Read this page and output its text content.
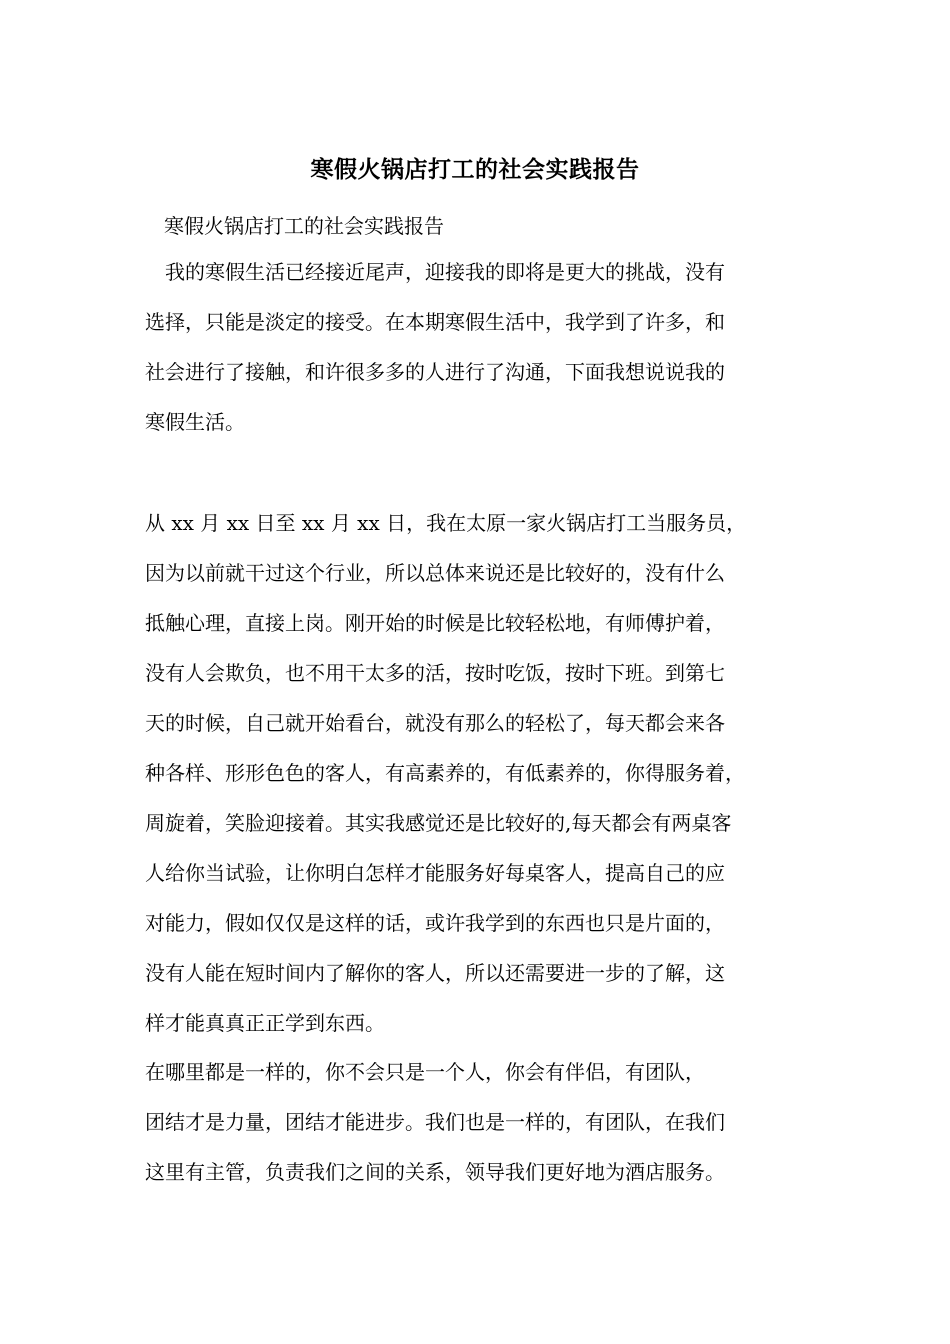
寒假火锅店打工的社会实践报告
寒假火锅店打工的社会实践报告
　我的寒假生活已经接近尾声，迎接我的即将是更大的挑战，没有
选择，只能是淡定的接受。在本期寒假生活中，我学到了许多，和
社会进行了接触，和许很多多的人进行了沟通，下面我想说说我的
寒假生活。
从 xx 月 xx 日至 xx 月 xx 日，我在太原一家火锅店打工当服务员，
因为以前就干过这个行业，所以总体来说还是比较好的，没有什么
抵触心理，直接上岗。刚开始的时候是比较轻松地，有师傅护着，
没有人会欺负，也不用干太多的活，按时吃饭，按时下班。到第七
天的时候，自己就开始看台，就没有那么的轻松了，每天都会来各
种各样、形形色色的客人，有高素养的，有低素养的，你得服务着，
周旋着，笑脸迎接着。其实我感觉还是比较好的,每天都会有两桌客
人给你当试验，让你明白怎样才能服务好每桌客人，提高自己的应
对能力，假如仅仅是这样的话，或许我学到的东西也只是片面的，
没有人能在短时间内了解你的客人，所以还需要进一步的了解，这
样才能真真正正学到东西。
在哪里都是一样的，你不会只是一个人，你会有伴侣，有团队，
团结才是力量，团结才能进步。我们也是一样的，有团队，在我们
这里有主管，负责我们之间的关系，领导我们更好地为酒店服务。
